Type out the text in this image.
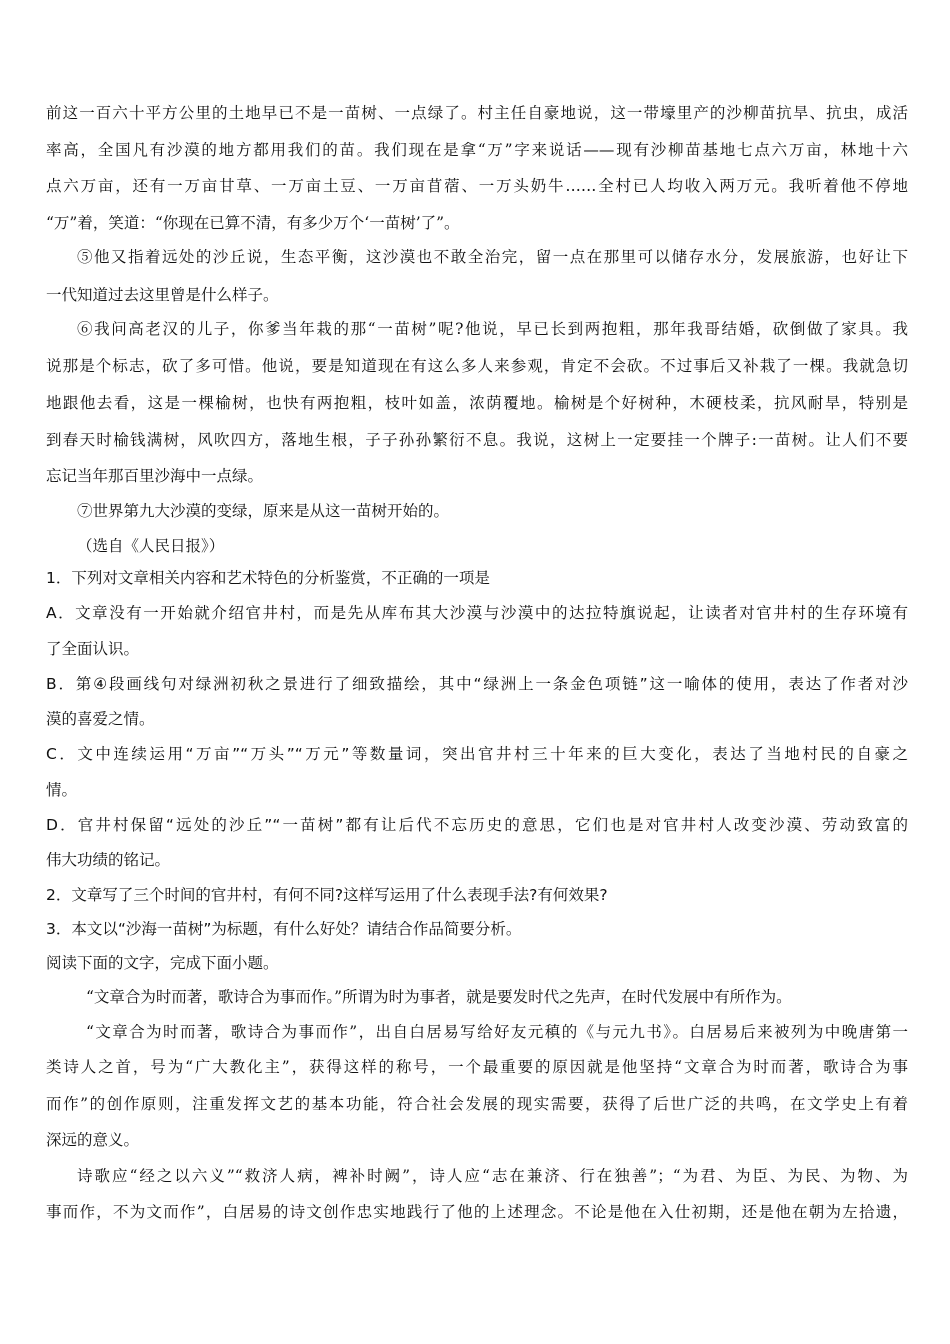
前这一百六十平方公里的土地早已不是一苗树、一点绿了。村主任自豪地说，这一带壕里产的沙柳苗抗旱、抗虫，成活
率高，全国凡有沙漠的地方都用我们的苗。我们现在是拿“万”字来说话——现有沙柳苗基地七点六万亩，林地十六
点六万亩，还有一万亩甘草、一万亩土豆、一万亩苜蓿、一万头奶牛……全村已人均收入两万元。我听着他不停地
“万”着，笑道：“你现在已算不清，有多少万个‘一苗树’了”。
⑤他又指着远处的沙丘说，生态平衡，这沙漠也不敢全治完，留一点在那里可以储存水分，发展旅游，也好让下
一代知道过去这里曾是什么样子。
⑥我问高老汉的儿子，你爹当年栽的那“一苗树”呢?他说，早已长到两抱粗，那年我哥结婚，砍倒做了家具。我
说那是个标志，砍了多可惜。他说，要是知道现在有这么多人来参观，肯定不会砍。不过事后又补栽了一棵。我就急切
地跟他去看，这是一棵榆树，也快有两抱粗，枝叶如盖，浓荫覆地。榆树是个好树种，木硬枝柔，抗风耐旱，特别是
到春天时榆钱满树，风吹四方，落地生根，子子孙孙繁衍不息。我说，这树上一定要挂一个牌子:一苗树。让人们不要
忘记当年那百里沙海中一点绿。
⑦世界第九大沙漠的变绿，原来是从这一苗树开始的。
（选自《人民日报》）
1．下列对文章相关内容和艺术特色的分析鉴赏，不正确的一项是
A．文章没有一开始就介绍官井村，而是先从库布其大沙漠与沙漠中的达拉特旗说起，让读者对官井村的生存环境有
了全面认识。
B．第④段画线句对绿洲初秋之景进行了细致描绘，其中“绿洲上一条金色项链”这一喻体的使用，表达了作者对沙
漠的喜爱之情。
C．文中连续运用“万亩”“万头”“万元”等数量词，突出官井村三十年来的巨大变化，表达了当地村民的自豪之
情。
D．官井村保留“远处的沙丘”“一苗树”都有让后代不忘历史的意思，它们也是对官井村人改变沙漠、劳动致富的
伟大功绩的铭记。
2．文章写了三个时间的官井村，有何不同?这样写运用了什么表现手法?有何效果?
3．本文以“沙海一苗树”为标题，有什么好处？请结合作品简要分析。
阅读下面的文字，完成下面小题。
“文章合为时而著，歌诗合为事而作。”所谓为时为事者，就是要发时代之先声，在时代发展中有所作为。
“文章合为时而著，歌诗合为事而作”，出自白居易写给好友元稹的《与元九书》。白居易后来被列为中晚唐第一
类诗人之首，号为“广大教化主”，获得这样的称号，一个最重要的原因就是他坚持“文章合为时而著，歌诗合为事
而作”的创作原则，注重发挥文艺的基本功能，符合社会发展的现实需要，获得了后世广泛的共鸣，在文学史上有着
深远的意义。
诗歌应“经之以六义”“救济人病，裨补时阙”，诗人应“志在兼济、行在独善”；“为君、为臣、为民、为物、为
事而作，不为文而作”，白居易的诗文创作忠实地践行了他的上述理念。不论是他在入仕初期，还是他在朝为左拾遗，
